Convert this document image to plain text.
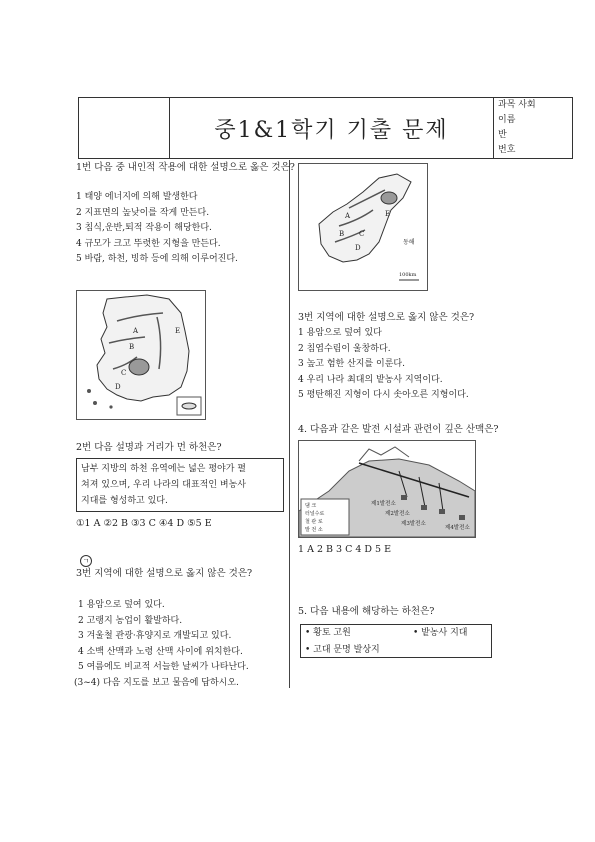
	중1&1학기 기출 문제	
과목 사회
이름
반
번호
1번 다음 중 내인적 작용에 대한 설명으로 옳은 것은?
1 태양 에너지에 의해 발생한다
2 지표면의 높낮이를 작게 만든다.
3 침식,운반,퇴적 작용이 해당한다.
4 규모가 크고 뚜렷한 지형을 만든다.
5 바람, 하천, 빙하 등에 의해 이루어진다.
A
B
C
D
E
2번 다음 설명과 거리가 먼 하천은?
남부 지방의 하천 유역에는 넓은 평야가 펼
쳐져 있으며, 우리 나라의 대표적인 벼농사
지대를 형성하고 있다.
①1 A ②2 B ③3 C ④4 D ⑤5 E
ㄱ
3번 지역에 대한 설명으로 옳지 않은 것은?
1 용암으로 덮여 있다.
2 고랭지 농업이 활발하다.
3 겨울철 관광·휴양지로 개발되고 있다.
4 소백 산맥과 노령 산맥 사이에 위치한다.
5 여름에도 비교적 서늘한 날씨가 나타난다.
(3~4) 다음 지도를 보고 물음에 답하시오.
A
B C
D
E
동해
100km
3번 지역에 대한 설명으로 옳지 않은 것은?
1 용암으로 덮여 있다
2 침엽수림이 울창하다.
3 높고 험한 산지를 이룬다.
4 우리 나라 최대의 밭농사 지역이다.
5 평탄해진 지형이 다시 솟아오른 지형이다.
4. 다음과 같은 발전 시설과 관련이 깊은 산맥은?
댐 크
터널수로
철 관 로
발 전 소
제1발전소
제2발전소
제3발전소
제4발전소
1 A 2 B 3 C 4 D 5 E
5. 다음 내용에 해당하는 하천은?
• 황토 고원	• 밭농사 지대
• 고대 문명 발상지
